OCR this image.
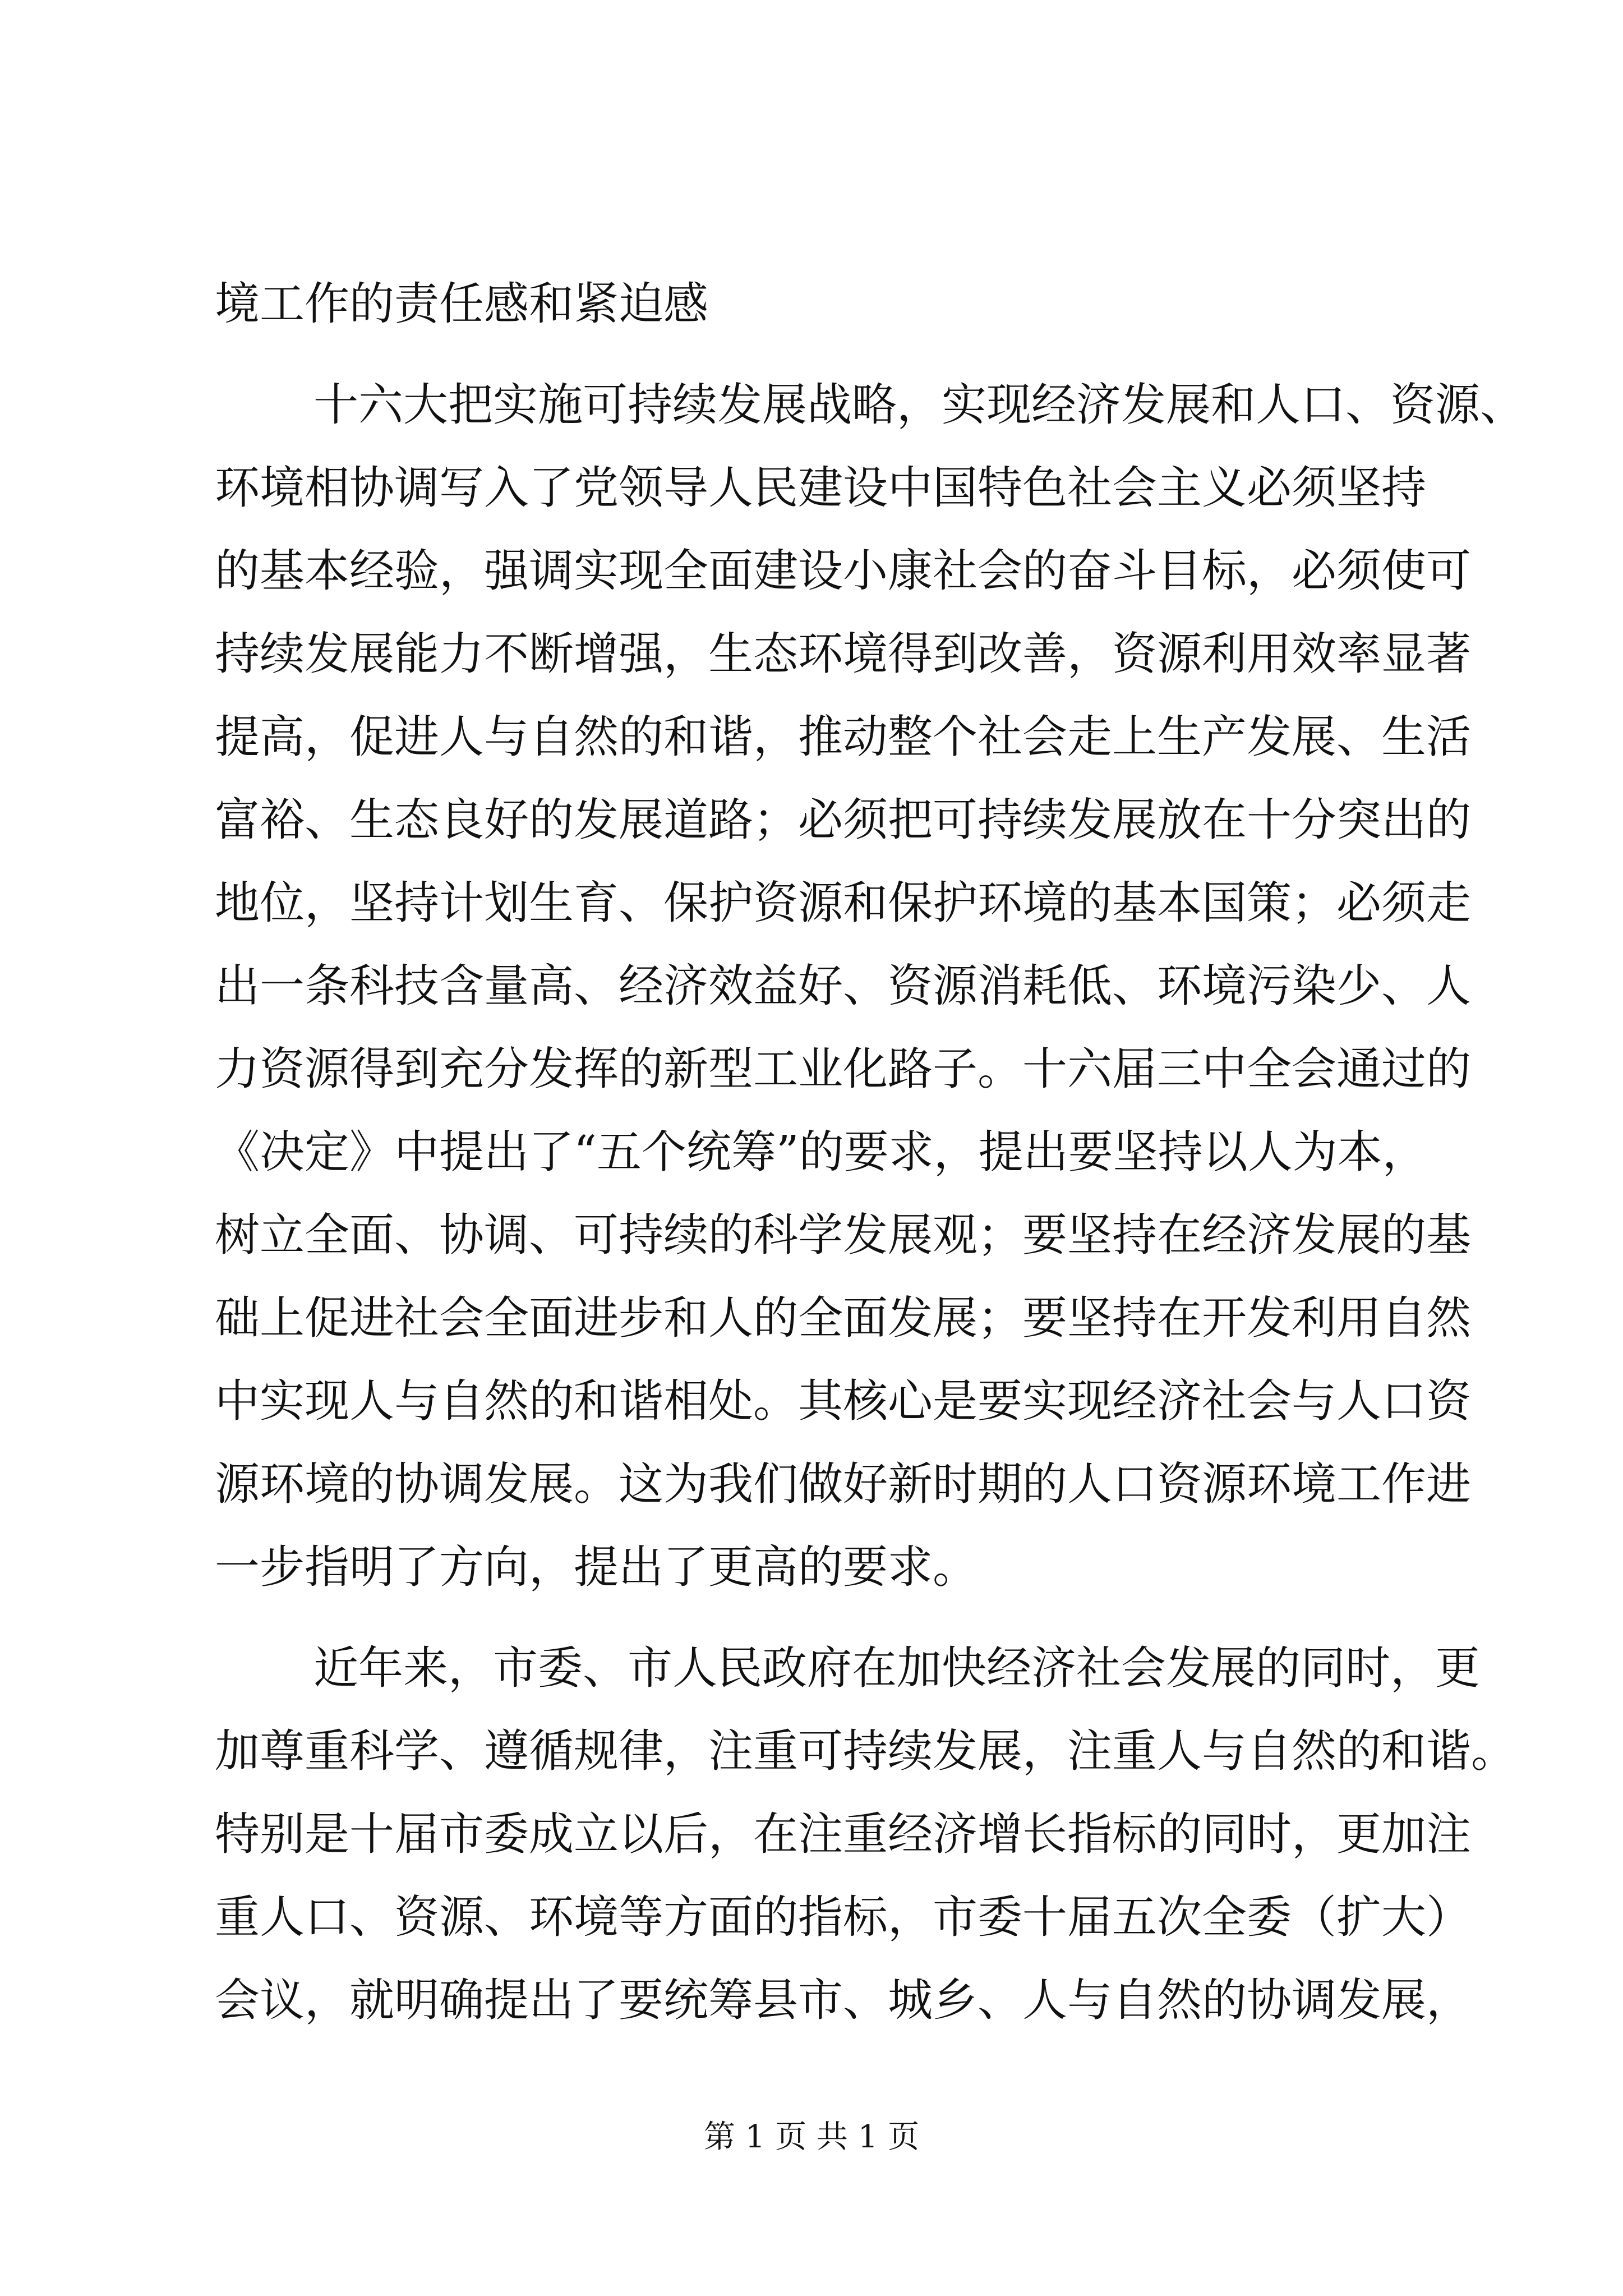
境工作的责任感和紧迫感
十六大把实施可持续发展战略，实现经济发展和人口、资源、
环境相协调写入了党领导人民建设中国特色社会主义必须坚持
的基本经验，强调实现全面建设小康社会的奋斗目标，必须使可
持续发展能力不断增强，生态环境得到改善，资源利用效率显著
提高，促进人与自然的和谐，推动整个社会走上生产发展、生活
富裕、生态良好的发展道路；必须把可持续发展放在十分突出的
地位，坚持计划生育、保护资源和保护环境的基本国策；必须走
出一条科技含量高、经济效益好、资源消耗低、环境污染少、人
力资源得到充分发挥的新型工业化路子。十六届三中全会通过的
《决定》中提出了“五个统筹”的要求，提出要坚持以人为本，
树立全面、协调、可持续的科学发展观；要坚持在经济发展的基
础上促进社会全面进步和人的全面发展；要坚持在开发利用自然
中实现人与自然的和谐相处。其核心是要实现经济社会与人口资
源环境的协调发展。这为我们做好新时期的人口资源环境工作进
一步指明了方向，提出了更高的要求。
近年来，市委、市人民政府在加快经济社会发展的同时，更
加尊重科学、遵循规律，注重可持续发展，注重人与自然的和谐。
特别是十届市委成立以后，在注重经济增长指标的同时，更加注
重人口、资源、环境等方面的指标，市委十届五次全委（扩大）
会议，就明确提出了要统筹县市、城乡、人与自然的协调发展，
第 1 页 共 1 页
